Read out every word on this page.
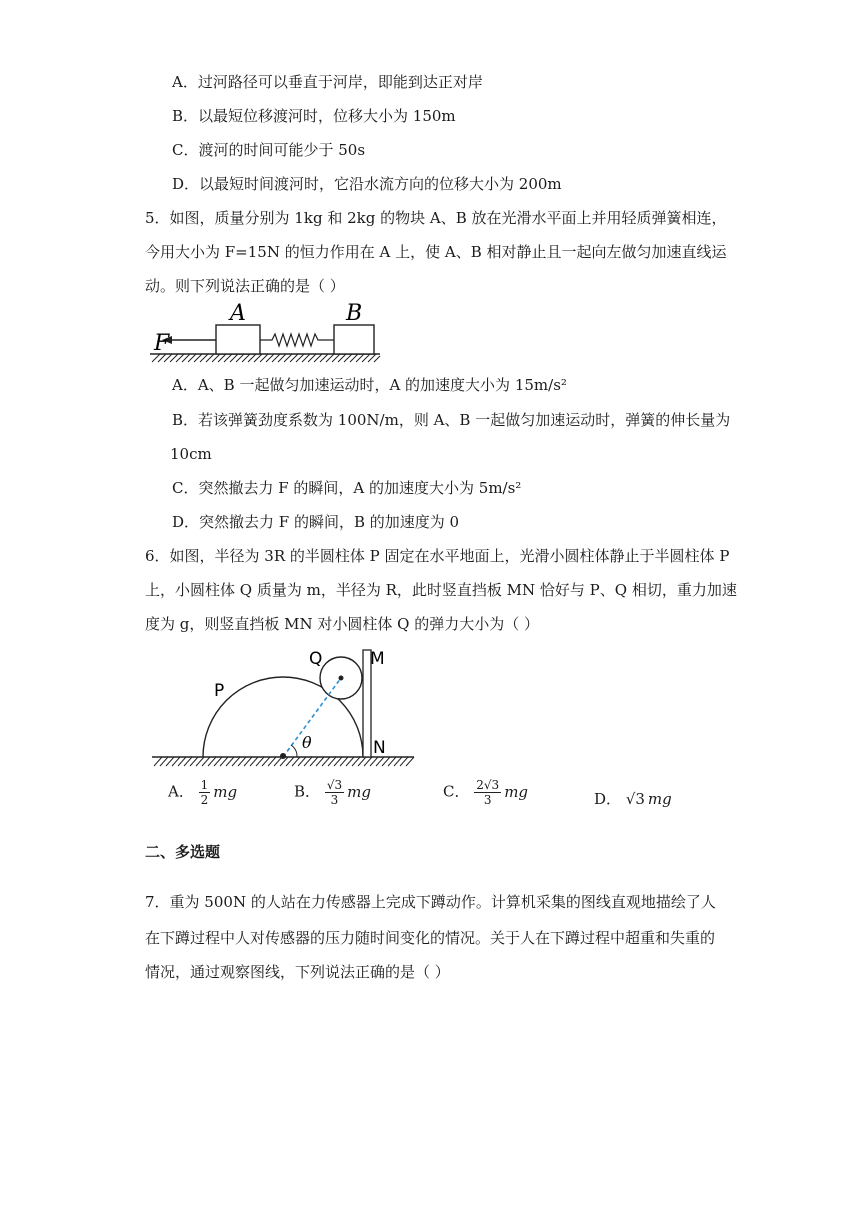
A．过河路径可以垂直于河岸，即能到达正对岸
B．以最短位移渡河时，位移大小为 150m
C．渡河的时间可能少于 50s
D．以最短时间渡河时，它沿水流方向的位移大小为 200m
5．如图，质量分别为 1kg 和 2kg 的物块 A、B 放在光滑水平面上并用轻质弹簧相连，
今用大小为 F=15N 的恒力作用在 A 上，使 A、B 相对静止且一起向左做匀加速直线运
动。则下列说法正确的是（ ）
F
A	B
A．A、B 一起做匀加速运动时，A 的加速度大小为 15m/s²
B．若该弹簧劲度系数为 100N/m，则 A、B 一起做匀加速运动时，弹簧的伸长量为
10cm
C．突然撤去力 F 的瞬间，A 的加速度大小为 5m/s²
D．突然撤去力 F 的瞬间，B 的加速度为 0
6．如图，半径为 3R 的半圆柱体 P 固定在水平地面上，光滑小圆柱体静止于半圆柱体 P
上，小圆柱体 Q 质量为 m，半径为 R，此时竖直挡板 MN 恰好与 P、Q 相切，重力加速
度为 g，则竖直挡板 MN 对小圆柱体 Q 的弹力大小为（ ）
θ
P
Q	M
N
A． $\frac{1}{2}$ mg	B． $\frac{√3}{3}$ mg	C． $\frac{2√3}{3}$ mg	D． √3 mg
二、多选题
7．重为 500N 的人站在力传感器上完成下蹲动作。计算机采集的图线直观地描绘了人
在下蹲过程中人对传感器的压力随时间变化的情况。关于人在下蹲过程中超重和失重的
情况，通过观察图线，下列说法正确的是（ ）
